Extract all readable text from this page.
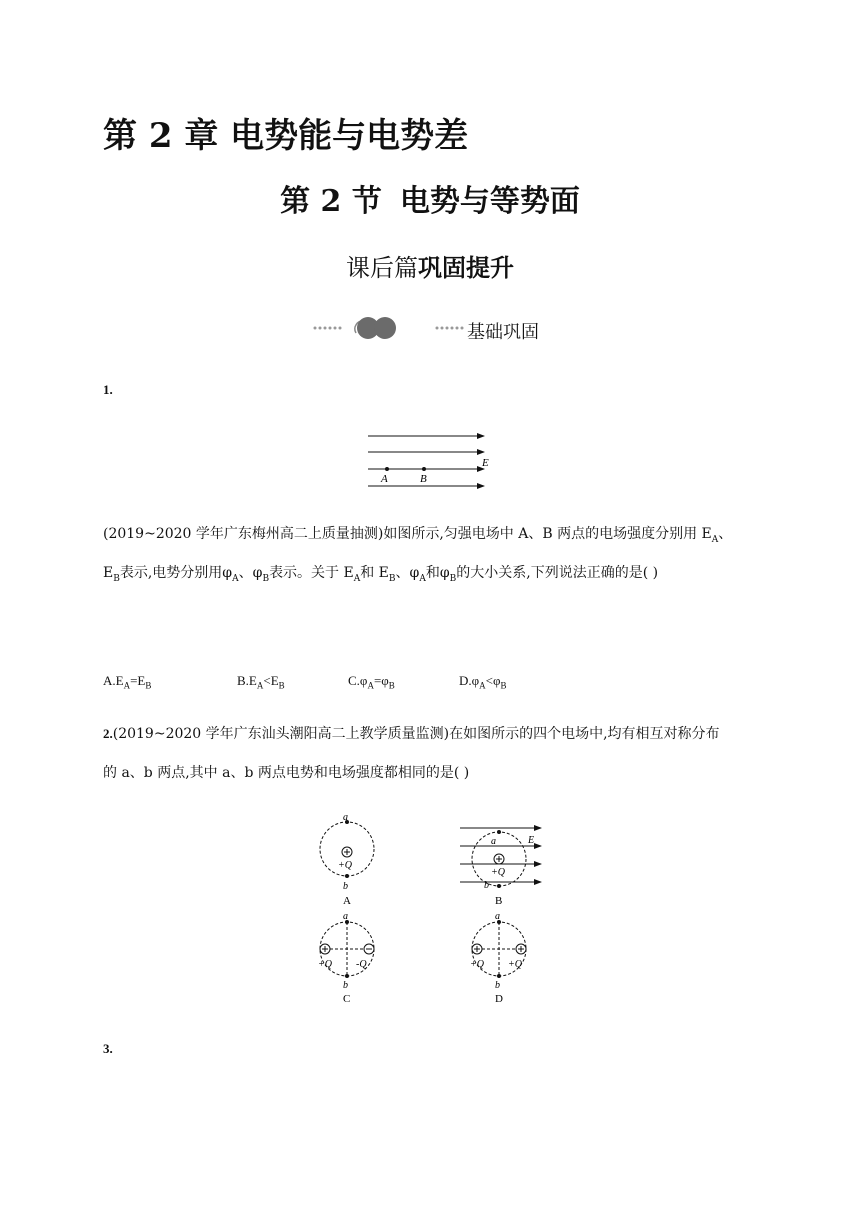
第 2 章 电势能与电势差
第 2 节 电势与等势面
课后篇巩固提升
基础巩固
1.
A	B
E
(2019~2020 学年广东梅州高二上质量抽测)如图所示,匀强电场中 A、B 两点的电场强度分别用 $E_A$、
$E_B$表示,电势分别用$\varphi_A$、$\varphi_B$表示。关于 $E_A$和 $E_B$、$\varphi_A$和$\varphi_B$的大小关系,下列说法正确的是( )
$A.E_A=E_B$	$B.E_A<E_B$	$C.\varphi_A=\varphi_B$	$D.\varphi_A<\varphi_B$
2.(2019~2020 学年广东汕头潮阳高二上教学质量监测)在如图所示的四个电场中,均有相互对称分布
的 a、b 两点,其中 a、b 两点电势和电场强度都相同的是( )
a
+Q
b
A
a	E
+Q
b
B
a
+Q -Q
b
C
a
+Q +Q
b
D
3.
